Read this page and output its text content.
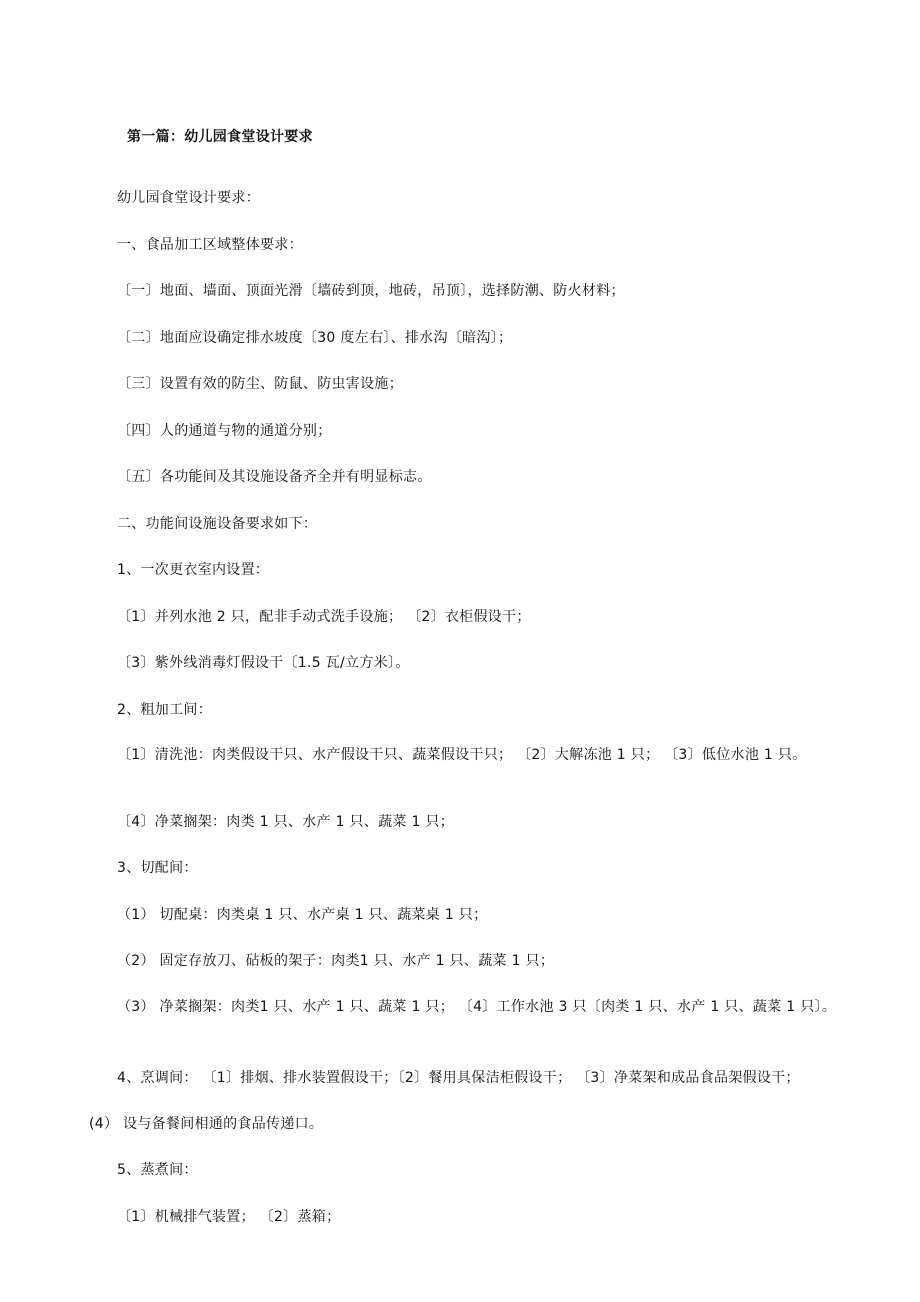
第一篇：幼儿园食堂设计要求
幼儿园食堂设计要求：
一、食品加工区域整体要求：
〔一〕地面、墙面、顶面光滑〔墙砖到顶，地砖，吊顶〕，选择防潮、防火材料；
〔二〕地面应设确定排水坡度〔30 度左右〕、排水沟〔暗沟〕；
〔三〕设置有效的防尘、防鼠、防虫害设施；
〔四〕人的通道与物的通道分别；
〔五〕各功能间及其设施设备齐全并有明显标志。
二、功能间设施设备要求如下：
1、一次更衣室内设置：
〔1〕并列水池 2 只，配非手动式洗手设施； 〔2〕衣柜假设干；
〔3〕紫外线消毒灯假设干〔1.5 瓦/立方米〕。
2、粗加工间：
〔1〕清洗池：肉类假设干只、水产假设干只、蔬菜假设干只； 〔2〕大解冻池 1 只； 〔3〕低位水池 1 只。
〔4〕净菜搁架：肉类 1 只、水产 1 只、蔬菜 1 只；
3、切配间：
（1） 切配桌：肉类桌 1 只、水产桌 1 只、蔬菜桌 1 只；
（2） 固定存放刀、砧板的架子：肉类1 只、水产 1 只、蔬菜 1 只；
（3） 净菜搁架：肉类1 只、水产 1 只、蔬菜 1 只； 〔4〕工作水池 3 只〔肉类 1 只、水产 1 只、蔬菜 1 只〕。
4、烹调间： 〔1〕排烟、排水装置假设干；〔2〕餐用具保洁柜假设干； 〔3〕净菜架和成品食品架假设干；
(4） 设与备餐间相通的食品传递口。
5、蒸煮间：
〔1〕机械排气装置； 〔2〕蒸箱；
